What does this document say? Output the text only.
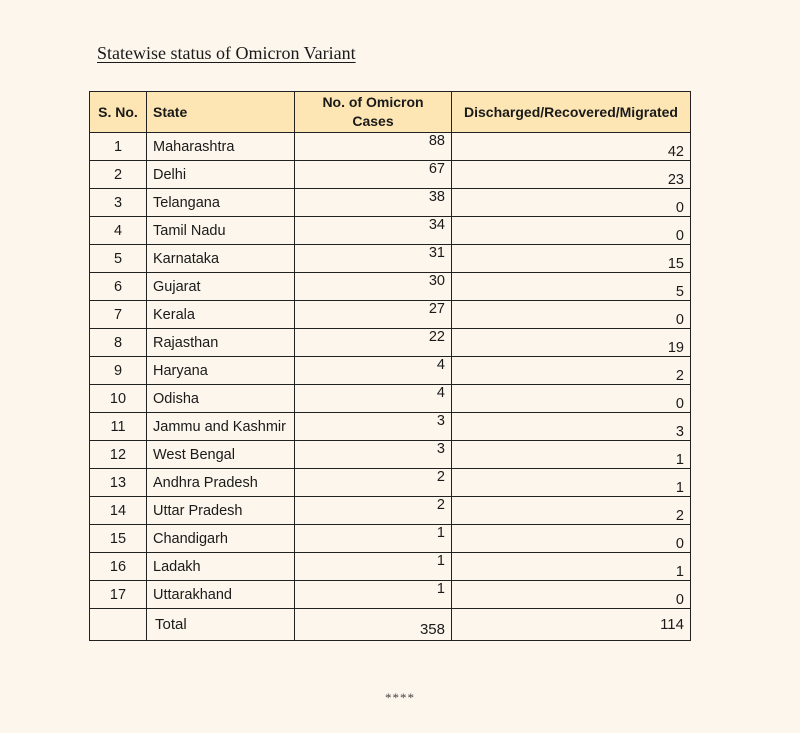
Statewise status of Omicron Variant
S. No.	State	No. of Omicron Cases	Discharged/Recovered/Migrated
1	Maharashtra	88	42
2	Delhi	67	23
3	Telangana	38	0
4	Tamil Nadu	34	0
5	Karnataka	31	15
6	Gujarat	30	5
7	Kerala	27	0
8	Rajasthan	22	19
9	Haryana	4	2
10	Odisha	4	0
11	Jammu and Kashmir	3	3
12	West Bengal	3	1
13	Andhra Pradesh	2	1
14	Uttar Pradesh	2	2
15	Chandigarh	1	0
16	Ladakh	1	1
17	Uttarakhand	1	0
	Total	358	114
****
